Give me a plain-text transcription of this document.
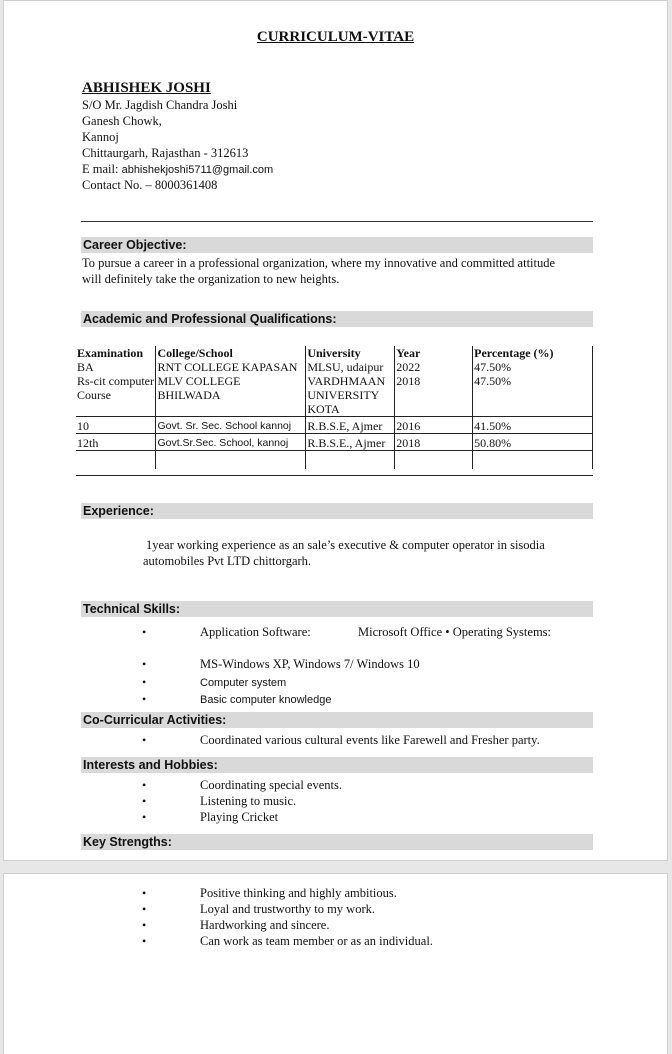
CURRICULUM-VITAE
ABHISHEK JOSHI
S/O Mr. Jagdish Chandra Joshi
Ganesh Chowk,
Kannoj
Chittaurgarh, Rajasthan - 312613
E mail: abhishekjoshi5711@gmail.com
Contact No. – 8000361408
Career Objective:
To pursue a career in a professional organization, where my innovative and committed attitude
will definitely take the organization to new heights.
Academic and Professional Qualifications:
Examination	College/School	University	Year	Percentage (%)
BA	RNT COLLEGE KAPASAN	MLSU, udaipur	2022	47.50%
Rs-cit computer Course	MLV COLLEGE BHILWADA	VARDHMAAN UNIVERSITY KOTA	2018	47.50%
10	Govt. Sr. Sec. School kannoj	R.B.S.E, Ajmer	2016	41.50%
12th	Govt.Sr.Sec. School, kannoj	R.B.S.E., Ajmer	2018	50.80%

Experience:
1year working experience as an sale’s executive & computer operator in sisodia
automobiles Pvt LTD chittorgarh.
Technical Skills:
•	Application Software:	Microsoft Office • Operating Systems:
•	MS-Windows XP, Windows 7/ Windows 10
•	Computer system
•	Basic computer knowledge
Co-Curricular Activities:
•	Coordinated various cultural events like Farewell and Fresher party.
Interests and Hobbies:
•	Coordinating special events.
•	Listening to music.
•	Playing Cricket
Key Strengths:
•	Positive thinking and highly ambitious.
•	Loyal and trustworthy to my work.
•	Hardworking and sincere.
•	Can work as team member or as an individual.
